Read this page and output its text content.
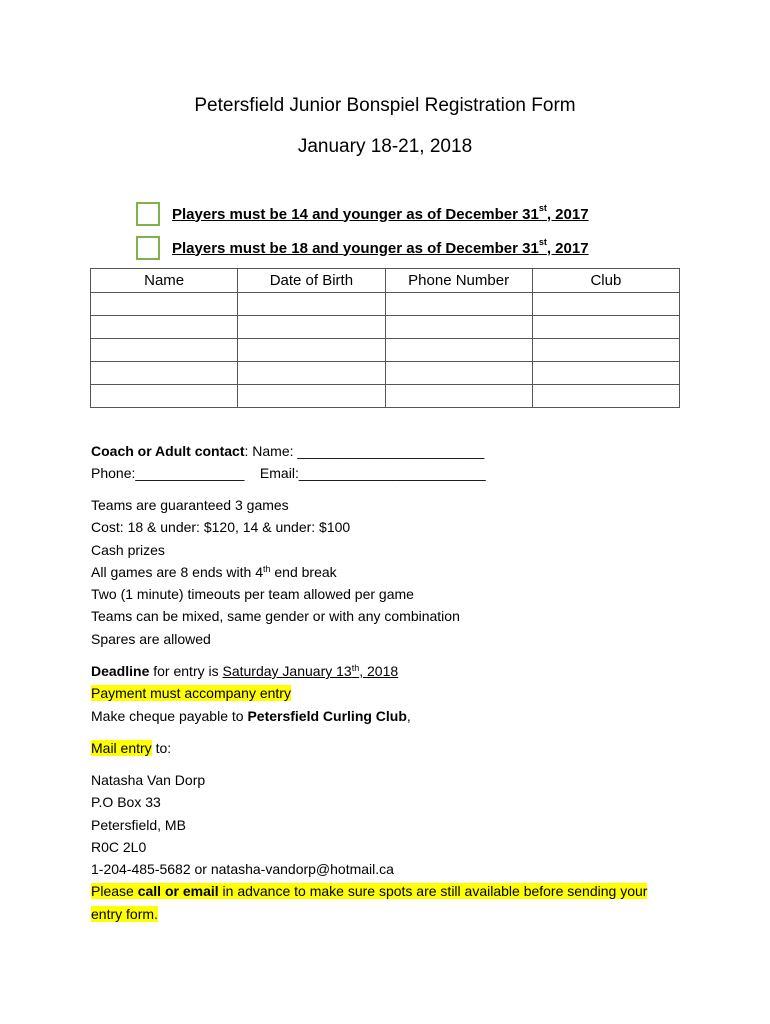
Petersfield Junior Bonspiel Registration Form
January 18-21, 2018
Players must be 14 and younger as of December 31st, 2017
Players must be 18 and younger as of December 31st, 2017
Name	Date of Birth	Phone Number	Club

Coach or Adult contact: Name: ________________________

Phone:______________    Email:________________________

Teams are guaranteed 3 games

Cost: 18 & under: $120, 14 & under: $100

Cash prizes

All games are 8 ends with 4th end break

Two (1 minute) timeouts per team allowed per game

Teams can be mixed, same gender or with any combination

Spares are allowed

Deadline for entry is Saturday January 13th, 2018

Payment must accompany entry

Make cheque payable to Petersfield Curling Club,

Mail entry to:

Natasha Van Dorp

P.O Box 33

Petersfield, MB

R0C 2L0

1-204-485-5682 or natasha-vandorp@hotmail.ca

Please call or email in advance to make sure spots are still available before sending your

entry form.
